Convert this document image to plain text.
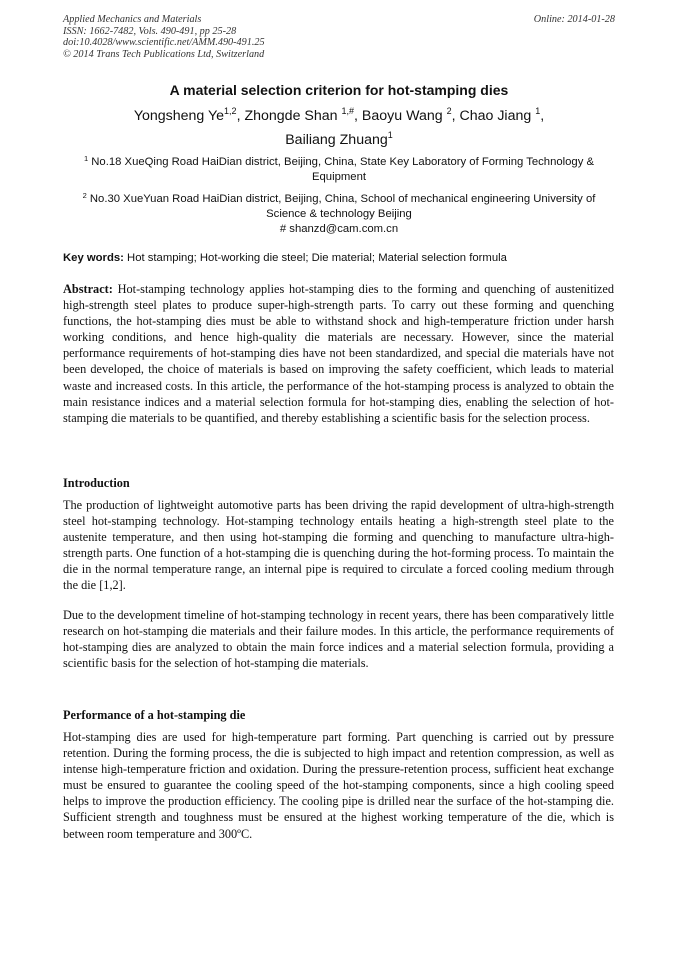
Applied Mechanics and Materials
ISSN: 1662-7482, Vols. 490-491, pp 25-28
doi:10.4028/www.scientific.net/AMM.490-491.25
© 2014 Trans Tech Publications Ltd, Switzerland
Online: 2014-01-28
A material selection criterion for hot-stamping dies
Yongsheng Ye$^{1,2}$, Zhongde Shan $^{1,\#}$, Baoyu Wang $^2$, Chao Jiang $^1$,
Bailiang Zhuang$^1$
$^1$ No.18 XueQing Road HaiDian district, Beijing, China, State Key Laboratory of Forming Technology & Equipment
$^2$ No.30 XueYuan Road HaiDian district, Beijing, China, School of mechanical engineering University of Science & technology Beijing
# shanzd@cam.com.cn
Key words: Hot stamping; Hot-working die steel; Die material; Material selection formula
Abstract: Hot-stamping technology applies hot-stamping dies to the forming and quenching of austenitized high-strength steel plates to produce super-high-strength parts. To carry out these forming and quenching functions, the hot-stamping dies must be able to withstand shock and high-temperature friction under harsh working conditions, and hence high-quality die materials are necessary. However, since the material performance requirements of hot-stamping dies have not been standardized, and special die materials have not been developed, the choice of materials is based on improving the safety coefficient, which leads to material waste and increased costs. In this article, the performance of the hot-stamping process is analyzed to obtain the main resistance indices and a material selection formula for hot-stamping dies, enabling the selection of hot-stamping die materials to be quantified, and thereby establishing a scientific basis for the selection process.
Introduction
The production of lightweight automotive parts has been driving the rapid development of ultra-high-strength steel hot-stamping technology. Hot-stamping technology entails heating a high-strength steel plate to the austenite temperature, and then using hot-stamping die forming and quenching to manufacture ultra-high-strength parts. One function of a hot-stamping die is quenching during the hot-forming process. To maintain the die in the normal temperature range, an internal pipe is required to circulate a forced cooling medium through the die [1,2].
Due to the development timeline of hot-stamping technology in recent years, there has been comparatively little research on hot-stamping die materials and their failure modes. In this article, the performance requirements of hot-stamping dies are analyzed to obtain the main force indices and a material selection formula, providing a scientific basis for the selection of hot-stamping die materials.
Performance of a hot-stamping die
Hot-stamping dies are used for high-temperature part forming. Part quenching is carried out by pressure retention. During the forming process, the die is subjected to high impact and retention compression, as well as intense high-temperature friction and oxidation. During the pressure-retention process, sufficient heat exchange must be ensured to guarantee the cooling speed of the hot-stamping components, since a high cooling speed helps to improve the production efficiency. The cooling pipe is drilled near the surface of the hot-stamping die. Sufficient strength and toughness must be ensured at the highest working temperature of the die, which is between room temperature and 300ºC.
